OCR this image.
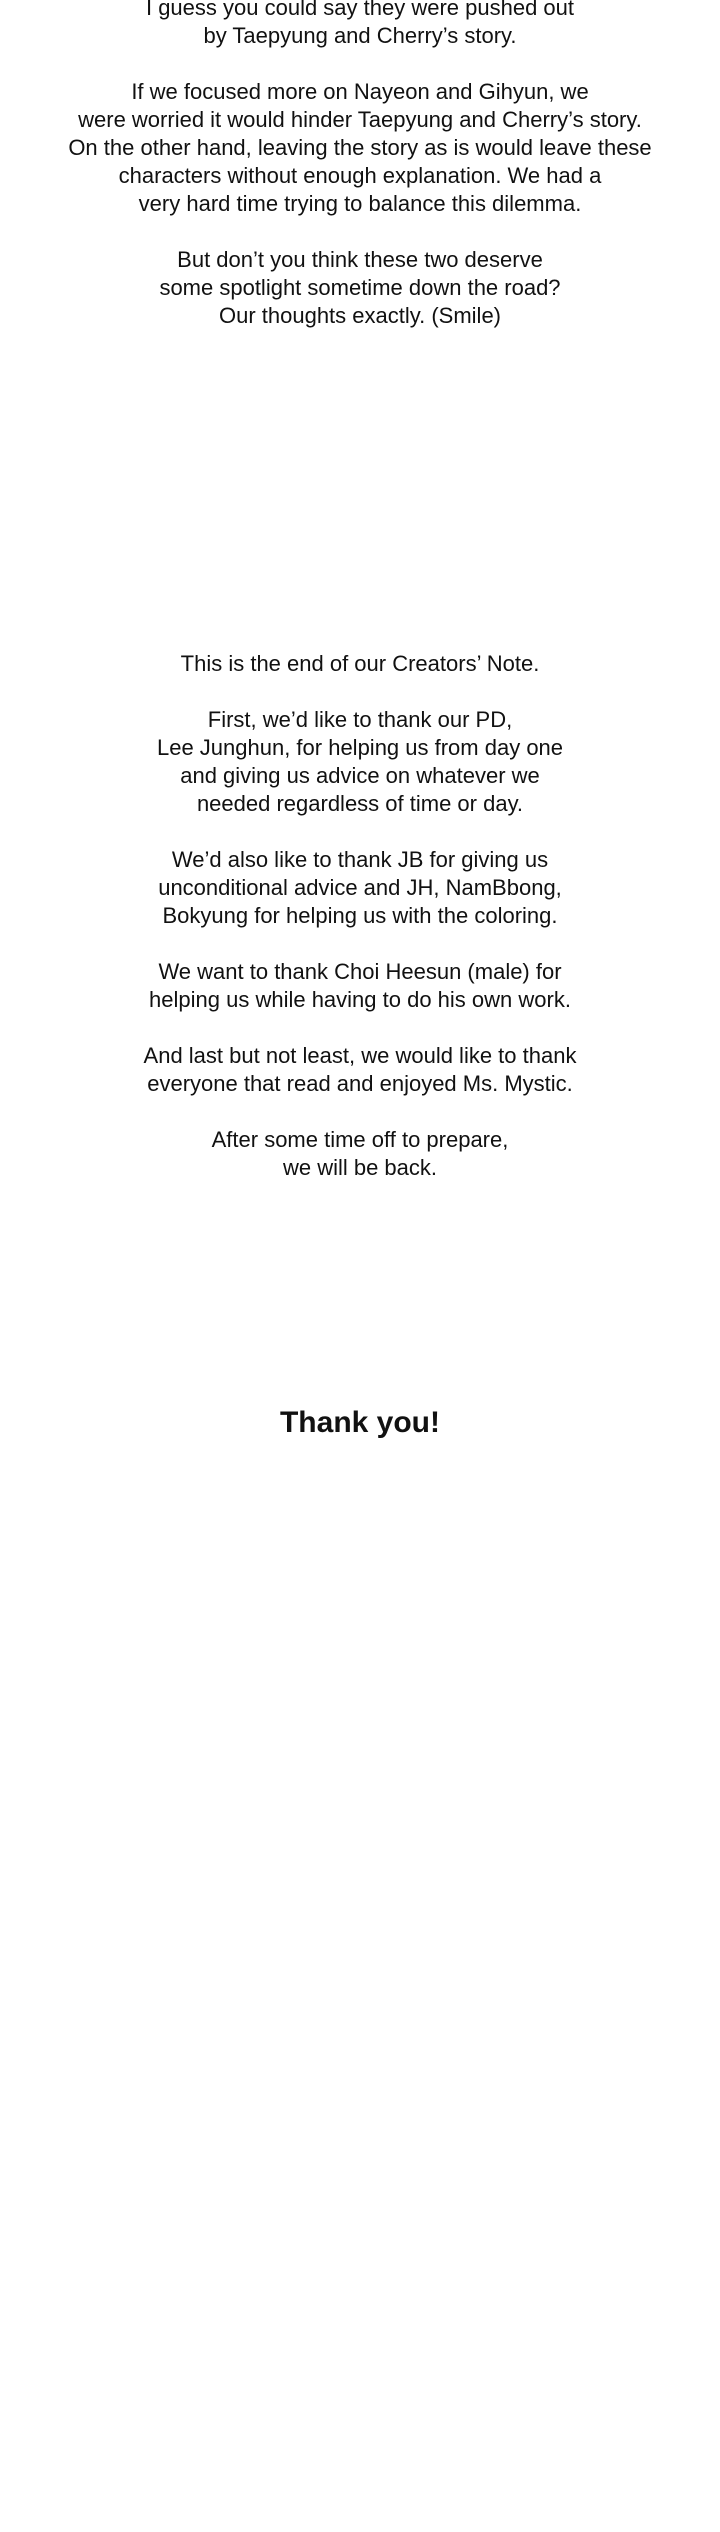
I guess you could say they were pushed out
by Taepyung and Cherry’s story.
If we focused more on Nayeon and Gihyun, we
were worried it would hinder Taepyung and Cherry’s story.
On the other hand, leaving the story as is would leave these
characters without enough explanation. We had a
very hard time trying to balance this dilemma.
But don’t you think these two deserve
some spotlight sometime down the road?
Our thoughts exactly. (Smile)
This is the end of our Creators’ Note.
First, we’d like to thank our PD,
Lee Junghun, for helping us from day one
and giving us advice on whatever we
needed regardless of time or day.
We’d also like to thank JB for giving us
unconditional advice and JH, NamBbong,
Bokyung for helping us with the coloring.
We want to thank Choi Heesun (male) for
helping us while having to do his own work.
And last but not least, we would like to thank
everyone that read and enjoyed Ms. Mystic.
After some time off to prepare,
we will be back.
Thank you!
